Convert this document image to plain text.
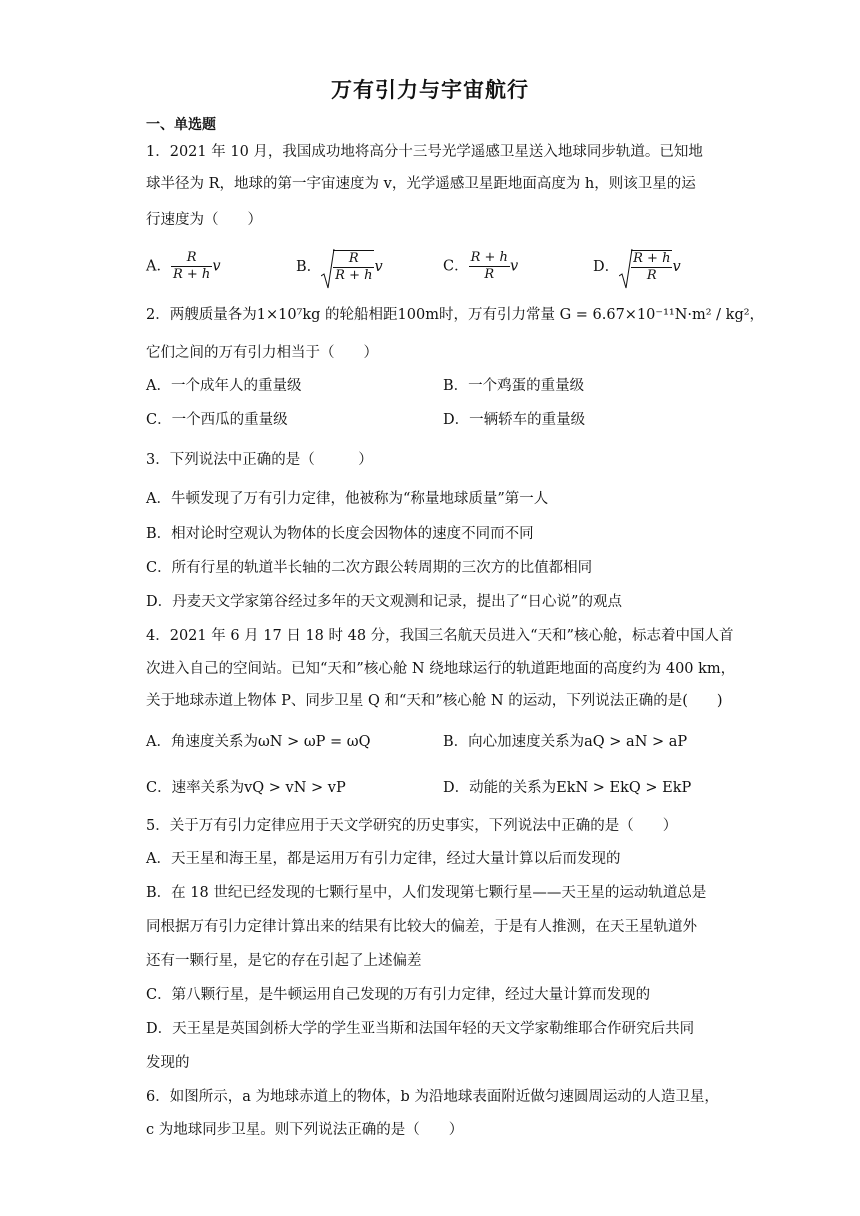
万有引力与宇宙航行
一、单选题
1．2021 年 10 月，我国成功地将高分十三号光学遥感卫星送入地球同步轨道。已知地
球半径为 R，地球的第一宇宙速度为 v，光学遥感卫星距地面高度为 h，则该卫星的运
行速度为（　　）
A． $\frac{R}{R + h}$ v	B． $\frac{R}{R + h}$ v	C． $\frac{R + h}{R}$ v	D． $\frac{R + h}{R}$ v
2．两艘质量各为1×10⁷kg 的轮船相距100m时，万有引力常量 G = 6.67×10⁻¹¹N·m² / kg²，
它们之间的万有引力相当于（　　）
A．一个成年人的重量级	B．一个鸡蛋的重量级
C．一个西瓜的重量级	D．一辆轿车的重量级
3．下列说法中正确的是（　　　）
A．牛顿发现了万有引力定律，他被称为“称量地球质量”第一人
B．相对论时空观认为物体的长度会因物体的速度不同而不同
C．所有行星的轨道半长轴的二次方跟公转周期的三次方的比值都相同
D．丹麦天文学家第谷经过多年的天文观测和记录，提出了“日心说”的观点
4．2021 年 6 月 17 日 18 时 48 分，我国三名航天员进入“天和”核心舱，标志着中国人首
次进入自己的空间站。已知“天和”核心舱 N 绕地球运行的轨道距地面的高度约为 400 km，
关于地球赤道上物体 P、同步卫星 Q 和“天和”核心舱 N 的运动，下列说法正确的是(　　)
A．角速度关系为ωN > ωP = ωQ	B．向心加速度关系为aQ > aN > aP
C．速率关系为vQ > vN > vP	D．动能的关系为EkN > EkQ > EkP
5．关于万有引力定律应用于天文学研究的历史事实，下列说法中正确的是（　　）
A．天王星和海王星，都是运用万有引力定律，经过大量计算以后而发现的
B．在 18 世纪已经发现的七颗行星中，人们发现第七颗行星——天王星的运动轨道总是
同根据万有引力定律计算出来的结果有比较大的偏差，于是有人推测，在天王星轨道外
还有一颗行星，是它的存在引起了上述偏差
C．第八颗行星，是牛顿运用自己发现的万有引力定律，经过大量计算而发现的
D．天王星是英国剑桥大学的学生亚当斯和法国年轻的天文学家勒维耶合作研究后共同
发现的
6．如图所示，a 为地球赤道上的物体，b 为沿地球表面附近做匀速圆周运动的人造卫星，
c 为地球同步卫星。则下列说法正确的是（　　）
